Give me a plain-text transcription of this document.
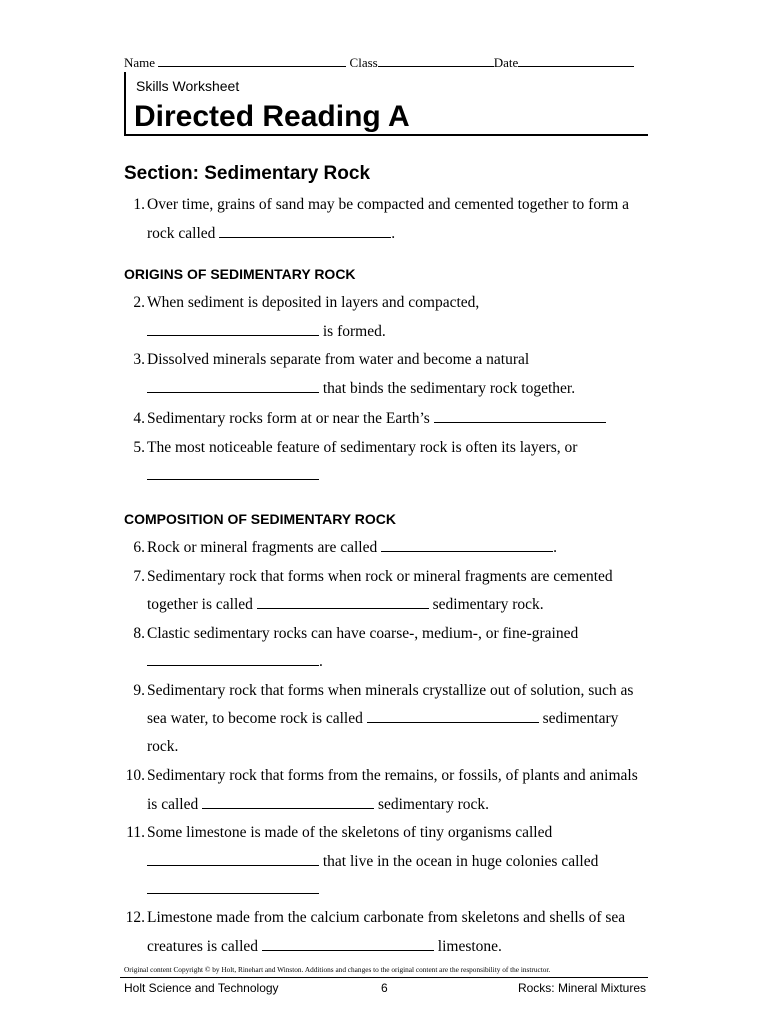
Name	Class	Date
Skills Worksheet
Directed Reading A
Section: Sedimentary Rock
1. Over time, grains of sand may be compacted and cemented together to form a
rock called	.
ORIGINS OF SEDIMENTARY ROCK
2. When sediment is deposited in layers and compacted,
is formed.
3. Dissolved minerals separate from water and become a natural
that binds the sedimentary rock together.
4. Sedimentary rocks form at or near the Earth’s
5. The most noticeable feature of sedimentary rock is often its layers, or
COMPOSITION OF SEDIMENTARY ROCK
6. Rock or mineral fragments are called	.
7. Sedimentary rock that forms when rock or mineral fragments are cemented
together is called	sedimentary rock.
8. Clastic sedimentary rocks can have coarse-, medium-, or fine-grained
.
9. Sedimentary rock that forms when minerals crystallize out of solution, such as
sea water, to become rock is called	sedimentary
rock.
10. Sedimentary rock that forms from the remains, or fossils, of plants and animals
is called	sedimentary rock.
11. Some limestone is made of the skeletons of tiny organisms called
that live in the ocean in huge colonies called
12. Limestone made from the calcium carbonate from skeletons and shells of sea
creatures is called	limestone.
Original content Copyright © by Holt, Rinehart and Winston. Additions and changes to the original content are the responsibility of the instructor.
Holt Science and Technology	6	Rocks: Mineral Mixtures
